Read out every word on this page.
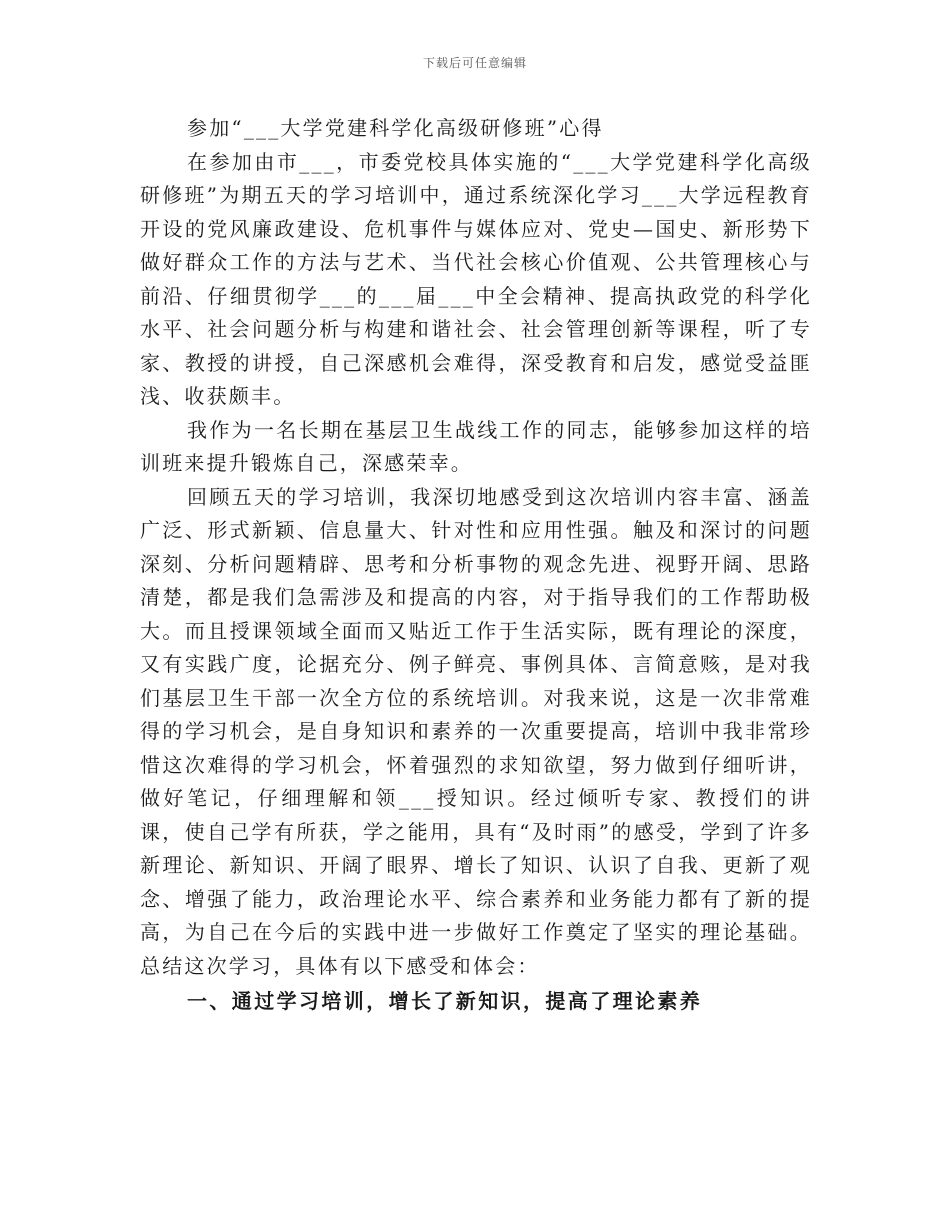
下载后可任意编辑

参加“___大学党建科学化高级研修班”心得

在参加由市___，市委党校具体实施的“___大学党建科学化高级研修班”为期五天的学习培训中，通过系统深化学习___大学远程教育开设的党风廉政建设、危机事件与媒体应对、党史—国史、新形势下做好群众工作的方法与艺术、当代社会核心价值观、公共管理核心与前沿、仔细贯彻学___的___届___中全会精神、提高执政党的科学化水平、社会问题分析与构建和谐社会、社会管理创新等课程，听了专家、教授的讲授，自己深感机会难得，深受教育和启发，感觉受益匪浅、收获颇丰。

我作为一名长期在基层卫生战线工作的同志，能够参加这样的培训班来提升锻炼自己，深感荣幸。

回顾五天的学习培训，我深切地感受到这次培训内容丰富、涵盖广泛、形式新颖、信息量大、针对性和应用性强。触及和深讨的问题深刻、分析问题精辟、思考和分析事物的观念先进、视野开阔、思路清楚，都是我们急需涉及和提高的内容，对于指导我们的工作帮助极大。而且授课领域全面而又贴近工作于生活实际，既有理论的深度，又有实践广度，论据充分、例子鲜亮、事例具体、言简意赅，是对我们基层卫生干部一次全方位的系统培训。对我来说，这是一次非常难得的学习机会，是自身知识和素养的一次重要提高，培训中我非常珍惜这次难得的学习机会，怀着强烈的求知欲望，努力做到仔细听讲，做好笔记，仔细理解和领___授知识。经过倾听专家、教授们的讲课，使自己学有所获，学之能用，具有“及时雨”的感受，学到了许多新理论、新知识、开阔了眼界、增长了知识、认识了自我、更新了观念、增强了能力，政治理论水平、综合素养和业务能力都有了新的提高，为自己在今后的实践中进一步做好工作奠定了坚实的理论基础。总结这次学习，具体有以下感受和体会：

一、通过学习培训，增长了新知识，提高了理论素养
